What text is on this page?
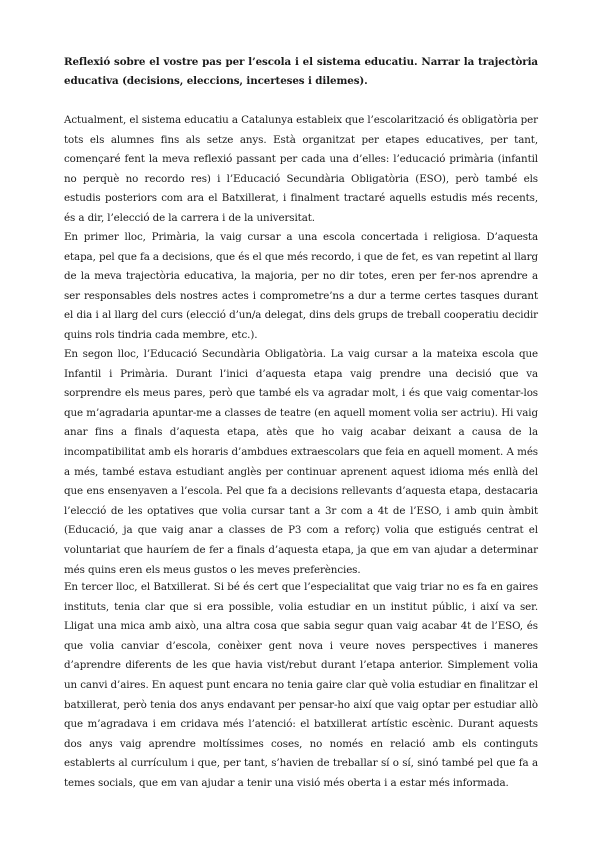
Reflexió sobre el vostre pas per l’escola i el sistema educatiu. Narrar la trajectòria educativa (decisions, eleccions, incerteses i dilemes).

Actualment, el sistema educatiu a Catalunya estableix que l’escolarització és obligatòria per tots els alumnes fins als setze anys. Està organitzat per etapes educatives, per tant, començaré fent la meva reflexió passant per cada una d’elles: l’educació primària (infantil no perquè no recordo res) i l’Educació Secundària Obligatòria (ESO), però també els estudis posteriors com ara el Batxillerat, i finalment tractaré aquells estudis més recents, és a dir, l’elecció de la carrera i de la universitat.

En primer lloc, Primària, la vaig cursar a una escola concertada i religiosa. D’aquesta etapa, pel que fa a decisions, que és el que més recordo, i que de fet, es van repetint al llarg de la meva trajectòria educativa, la majoria, per no dir totes, eren per fer-nos aprendre a ser responsables dels nostres actes i comprometre’ns a dur a terme certes tasques durant el dia i al llarg del curs (elecció d’un/a delegat, dins dels grups de treball cooperatiu decidir quins rols tindria cada membre, etc.).

En segon lloc, l’Educació Secundària Obligatòria. La vaig cursar a la mateixa escola que Infantil i Primària. Durant l’inici d’aquesta etapa vaig prendre una decisió que va sorprendre els meus pares, però que també els va agradar molt, i és que vaig comentar-los que m’agradaria apuntar-me a classes de teatre (en aquell moment volia ser actriu). Hi vaig anar fins a finals d’aquesta etapa, atès que ho vaig acabar deixant a causa de la incompatibilitat amb els horaris d’ambdues extraescolars que feia en aquell moment. A més a més, també estava estudiant anglès per continuar aprenent aquest idioma més enllà del que ens ensenyaven a l’escola. Pel que fa a decisions rellevants d’aquesta etapa, destacaria l’elecció de les optatives que volia cursar tant a 3r com a 4t de l’ESO, i amb quin àmbit (Educació, ja que vaig anar a classes de P3 com a reforç) volia que estigués centrat el voluntariat que hauríem de fer a finals d’aquesta etapa, ja que em van ajudar a determinar més quins eren els meus gustos o les meves preferències.

En tercer lloc, el Batxillerat. Si bé és cert que l’especialitat que vaig triar no es fa en gaires instituts, tenia clar que si era possible, volia estudiar en un institut públic, i així va ser. Lligat una mica amb això, una altra cosa que sabia segur quan vaig acabar 4t de l’ESO, és que volia canviar d’escola, conèixer gent nova i veure noves perspectives i maneres d’aprendre diferents de les que havia vist/rebut durant l’etapa anterior. Simplement volia un canvi d’aires. En aquest punt encara no tenia gaire clar què volia estudiar en finalitzar el batxillerat, però tenia dos anys endavant per pensar-ho així que vaig optar per estudiar allò que m’agradava i em cridava més l’atenció: el batxillerat artístic escènic. Durant aquests dos anys vaig aprendre moltíssimes coses, no només en relació amb els continguts establerts al currículum i que, per tant, s’havien de treballar sí o sí, sinó també pel que fa a temes socials, que em van ajudar a tenir una visió més oberta i a estar més informada.
